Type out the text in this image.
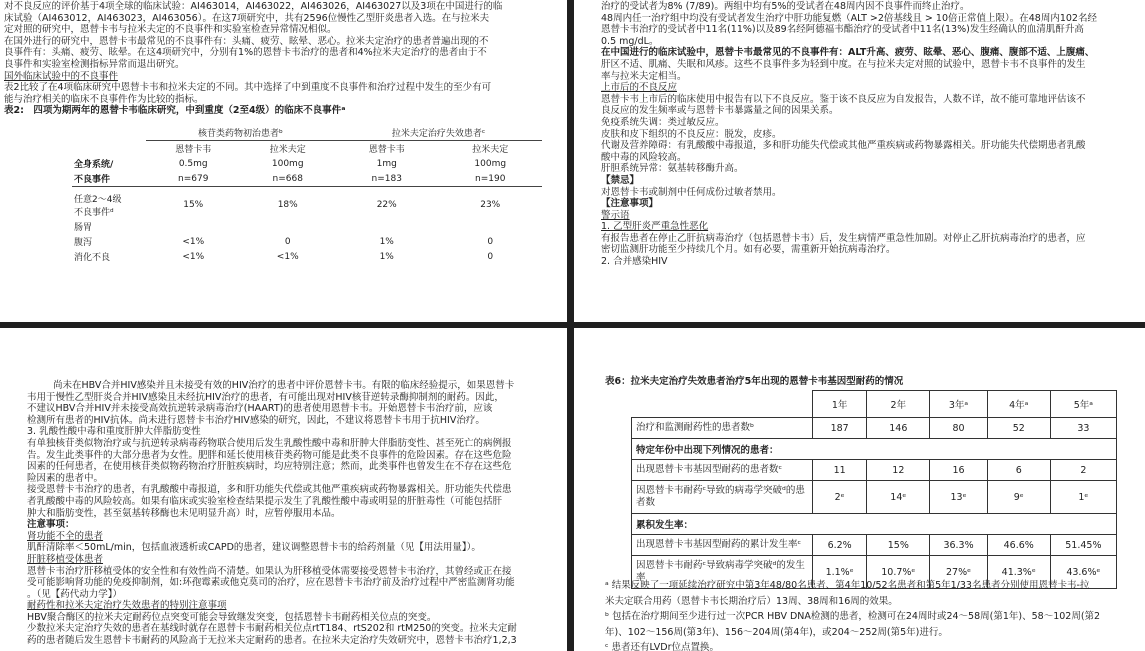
对不良反应的评价基于4项全球的临床试验：AI463014，AI463022，AI463026，AI463027以及3项在中国进行的临

床试验（AI463012，AI463023，AI463056）。在这7项研究中，共有2596位慢性乙型肝炎患者入选。在与拉米夫

定对照的研究中，恩替卡韦与拉米夫定的不良事件和实验室检查异常情况相似。

在国外进行的研究中，恩替卡韦最常见的不良事件有：头痛、疲劳、眩晕、恶心。拉米夫定治疗的患者普遍出现的不

良事件有：头痛、疲劳、眩晕。在这4项研究中，分别有1%的恩替卡韦治疗的患者和4%拉米夫定治疗的患者由于不

良事件和实验室检测指标异常而退出研究。

国外临床试验中的不良事件

表2比较了在4项临床研究中恩替卡韦和拉米夫定的不同。其中选择了中到重度不良事件和治疗过程中发生的至少有可

能与治疗相关的临床不良事件作为比较的指标。

表2:　四项为期两年的恩替卡韦临床研究，中到重度（2至4级）的临床不良事件ᵃ

	核苷类药物初治患者ᵇ		拉米夫定治疗失效患者ᶜ	
	恩替卡韦	拉米夫定	恩替卡韦	拉米夫定
全身系统/	0.5mg	100mg	1mg	100mg
不良事件	n=679	n=668	n=183	n=190

任意2～4级
不良事件ᵈ	15%	18%	22%	23%
肠胃				
腹泻	<1%	0	1%	0
消化不良	<1%	<1%	1%	0

治疗的受试者为8% (7/89)。两组中均有5%的受试者在48周内因不良事件而终止治疗。

48周内任一治疗组中均没有受试者发生治疗中肝功能复燃（ALT >2倍基线且 > 10倍正常值上限）。在48周内102名经

恩替卡韦治疗的受试者中11名(11%)以及89名经阿德福韦酯治疗的受试者中11名(13%)发生经确认的血清肌酐升高

0.5 mg/dL。

在中国进行的临床试验中，恩替卡韦最常见的不良事件有：ALT升高、疲劳、眩晕、恶心、腹痛、腹部不适、上腹痛、

肝区不适、肌痛、失眠和风疹。这些不良事件多为轻到中度。在与拉米夫定对照的试验中，恩替卡韦不良事件的发生

率与拉米夫定相当。

上市后的不良反应

恩替卡韦上市后的临床使用中报告有以下不良反应。鉴于该不良反应为自发报告，人数不详，故不能可靠地评估该不

良反应的发生频率或与恩替卡韦暴露量之间的因果关系。

免疫系统失调：类过敏反应。

皮肤和皮下组织的不良反应：脱发，皮疹。

代谢及营养障碍：有乳酸酸中毒报道，多和肝功能失代偿或其他严重疾病或药物暴露相关。肝功能失代偿期患者乳酸

酸中毒的风险较高。

肝胆系统异常：氨基转移酶升高。

【禁忌】

对恩替卡韦或制剂中任何成份过敏者禁用。

【注意事项】

警示语

1. 乙型肝炎严重急性恶化

有报告患者在停止乙肝抗病毒治疗（包括恩替卡韦）后，发生病情严重急性加剧。对停止乙肝抗病毒治疗的患者，应

密切监测肝功能至少持续几个月。如有必要，需重新开始抗病毒治疗。

2. 合并感染HIV

尚未在HBV合并HIV感染并且未接受有效的HIV治疗的患者中评价恩替卡韦。有限的临床经验提示，如果恩替卡

韦用于慢性乙型肝炎合并HIV感染且未经抗HIV治疗的患者，有可能出现对HIV核苷逆转录酶抑制剂的耐药。因此，

不建议HBV合并HIV并未接受高效抗逆转录病毒治疗(HAART)的患者使用恩替卡韦。开始恩替卡韦治疗前，应该

检测所有患者的HIV抗体。尚未进行恩替卡韦治疗HIV感染的研究，因此，不建议将恩替卡韦用于抗HIV治疗。

3. 乳酸性酸中毒和重度肝肿大伴脂肪变性

有单独核苷类似物治疗或与抗逆转录病毒药物联合使用后发生乳酸性酸中毒和肝肿大伴脂肪变性、甚至死亡的病例报

告。发生此类事件的大部分患者为女性。肥胖和延长使用核苷类药物可能是此类不良事件的危险因素。存在这些危险

因素的任何患者，在使用核苷类似物药物治疗肝脏疾病时，均应特别注意；然而，此类事件也曾发生在不存在这些危

险因素的患者中。

接受恩替卡韦治疗的患者，有乳酸酸中毒报道，多和肝功能失代偿或其他严重疾病或药物暴露相关。肝功能失代偿患

者乳酸酸中毒的风险较高。如果有临床或实验室检查结果提示发生了乳酸性酸中毒或明显的肝脏毒性（可能包括肝

肿大和脂肪变性，甚至氨基转移酶也未见明显升高）时，应暂停服用本品。

注意事项：

肾功能不全的患者

肌酐清除率＜50mL/min，包括血液透析或CAPD的患者，建议调整恩替卡韦的给药剂量（见【用法用量】）。

肝脏移植受体患者

恩替卡韦治疗肝移植受体的安全性和有效性尚不清楚。如果认为肝移植受体需要接受恩替卡韦治疗，其曾经或正在接

受可能影响肾功能的免疫抑制剂，如:环孢霉素或他克莫司的治疗，应在恩替卡韦治疗前及治疗过程中严密监测肾功能

。（见【药代动力学】）

耐药性和拉米夫定治疗失效患者的特别注意事项

HBV聚合酶区的拉米夫定耐药位点突变可能会导致继发突变，包括恩替卡韦耐药相关位点的突变。

少数拉米夫定治疗失效的患者在基线时就存在恩替卡韦耐药相关位点rtT184、rtS202和 rtM250的突变。拉米夫定耐

药的患者随后发生恩替卡韦耐药的风险高于无拉米夫定耐药的患者。在拉米夫定治疗失效研究中，恩替卡韦治疗1,2,3

表6：拉米夫定治疗失效患者治疗5年出现的恩替卡韦基因型耐药的情况
	1年	2年	3年ᵃ	4年ᵃ	5年ᵃ
治疗和监测耐药性的患者数ᵇ	187	146	80	52	33
特定年份中出现下列情况的患者：					
出现恩替卡韦基因型耐药的患者数ᶜ	11	12	16	6	2
因恩替卡韦耐药ᶜ导致的病毒学突破ᵈ的患者数	2ᵉ	14ᵉ	13ᵉ	9ᵉ	1ᵉ
累积发生率：					
出现恩替卡韦基因型耐药的累计发生率ᶜ	6.2%	15%	36.3%	46.6%	51.45%
因恩替卡韦耐药ᶜ导致病毒学突破ᵈ的发生率	1.1%ᵉ	10.7%ᵉ	27%ᵉ	41.3%ᵉ	43.6%ᵉ

ᵃ 结果反映了一项延续治疗研究中第3年48/80名患者、第4年10/52名患者和第5年1/33名患者分别使用恩替卡韦-拉

米夫定联合用药（恩替卡韦长期治疗后）13周、38周和16周的效果。

ᵇ 包括在治疗期间至少进行过一次PCR HBV DNA检测的患者，检测可在24周时或24～58周(第1年)、58～102周(第2

年)、102～156周(第3年)、156～204周(第4年)，或204～252周(第5年)进行。

ᶜ 患者还有LVDr位点置换。
